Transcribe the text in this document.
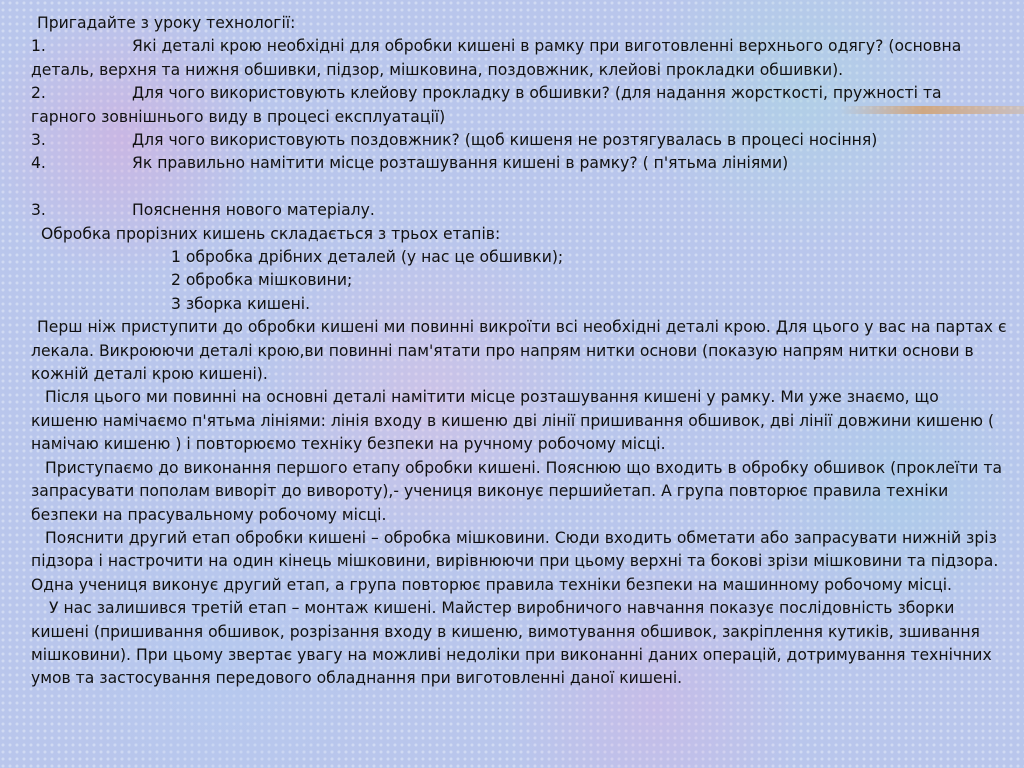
Пригадайте з уроку технології:

1.	Які деталі крою необхідні для обробки кишені в рамку при виготовленні верхнього одягу? (основна

деталь, верхня та нижня обшивки, підзор, мішковина, поздовжник, клейові прокладки обшивки).

2.	Для чого використовують клейову прокладку в обшивки? (для надання жорсткості, пружності та

гарного зовнішнього виду в процесі експлуатації)

3.	Для чого використовують поздовжник? (щоб кишеня не розтягувалась в процесі носіння)
4.	Як правильно намітити місце розташування кишені в рамку? ( п'ятьма лініями)
3.	Пояснення нового матеріалу.

Обробка прорізних кишень складається з трьох етапів:

1 обробка дрібних деталей (у нас це обшивки);

2 обробка мішковини;

3 зборка кишені.

Перш ніж приступити до обробки кишені ми повинні викроїти всі необхідні деталі крою. Для цього у вас на партах є лекала. Викроюючи деталі крою,ви повинні пам'ятати про напрям нитки основи (показую напрям нитки основи в кожній деталі крою кишені).

Після цього ми повинні на основні деталі намітити місце розташування кишені у рамку. Ми уже знаємо, що кишеню намічаємо п'ятьма лініями: лінія входу в кишеню дві лінії пришивання обшивок, дві лінії довжини кишеню ( намічаю кишеню ) і повторюємо техніку безпеки на ручному робочому місці.

Приступаємо до виконання першого етапу обробки кишені. Пояснюю що входить в обробку обшивок (проклеїти та запрасувати пополам виворіт до вивороту),- учениця виконує першийетап. А група повторює правила техніки безпеки на прасувальному робочому місці.

Пояснити другий етап обробки кишені – обробка мішковини. Сюди входить обметати або запрасувати нижній зріз підзора і настрочити на один кінець мішковини, вирівнюючи при цьому верхні та бокові зрізи мішковини та підзора. Одна учениця виконує другий етап, а група повторює правила техніки безпеки на машинному робочому місці.

У нас залишився третій етап – монтаж кишені. Майстер виробничого навчання показує послідовність зборки кишені (пришивання обшивок, розрізання входу в кишеню, вимотування обшивок, закріплення кутиків, зшивання мішковини). При цьому звертає увагу на можливі недоліки при виконанні даних операцій, дотримування технічних умов та застосування передового обладнання при виготовленні даної кишені.
